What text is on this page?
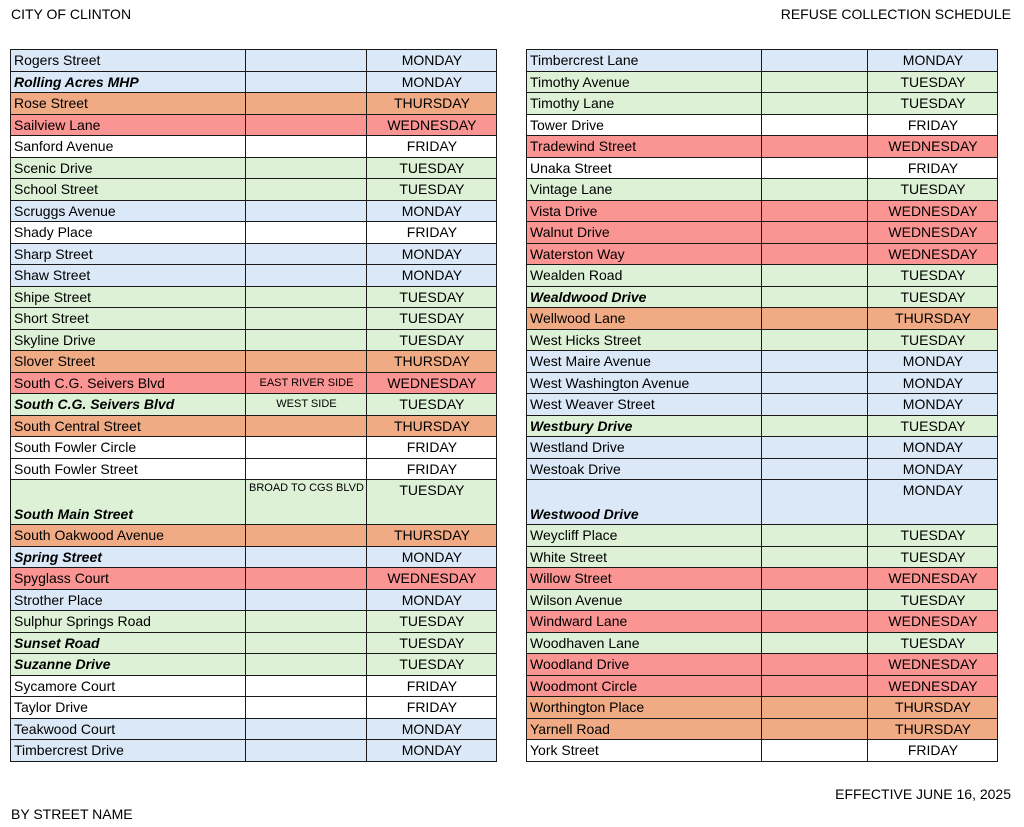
CITY OF CLINTON	REFUSE COLLECTION SCHEDULE
Rogers Street		MONDAY
Rolling Acres MHP		MONDAY
Rose Street		THURSDAY
Sailview Lane		WEDNESDAY
Sanford Avenue		FRIDAY
Scenic Drive		TUESDAY
School Street		TUESDAY
Scruggs Avenue		MONDAY
Shady Place		FRIDAY
Sharp Street		MONDAY
Shaw Street		MONDAY
Shipe Street		TUESDAY
Short Street		TUESDAY
Skyline Drive		TUESDAY
Slover Street		THURSDAY
South C.G. Seivers Blvd	EAST RIVER SIDE	WEDNESDAY
South C.G. Seivers Blvd	WEST SIDE	TUESDAY
South Central Street		THURSDAY
South Fowler Circle		FRIDAY
South Fowler Street		FRIDAY
South Main Street	BROAD TO CGS BLVD	TUESDAY
South Oakwood Avenue		THURSDAY
Spring Street		MONDAY
Spyglass Court		WEDNESDAY
Strother Place		MONDAY
Sulphur Springs Road		TUESDAY
Sunset Road		TUESDAY
Suzanne Drive		TUESDAY
Sycamore Court		FRIDAY
Taylor Drive		FRIDAY
Teakwood Court		MONDAY
Timbercrest Drive		MONDAY
Timbercrest Lane		MONDAY
Timothy Avenue		TUESDAY
Timothy Lane		TUESDAY
Tower Drive		FRIDAY
Tradewind Street		WEDNESDAY
Unaka Street		FRIDAY
Vintage Lane		TUESDAY
Vista Drive		WEDNESDAY
Walnut Drive		WEDNESDAY
Waterston Way		WEDNESDAY
Wealden Road		TUESDAY
Wealdwood Drive		TUESDAY
Wellwood Lane		THURSDAY
West Hicks Street		TUESDAY
West Maire Avenue		MONDAY
West Washington Avenue		MONDAY
West Weaver Street		MONDAY
Westbury Drive		TUESDAY
Westland Drive		MONDAY
Westoak Drive		MONDAY
Westwood Drive		MONDAY
Weycliff Place		TUESDAY
White Street		TUESDAY
Willow Street		WEDNESDAY
Wilson Avenue		TUESDAY
Windward Lane		WEDNESDAY
Woodhaven Lane		TUESDAY
Woodland Drive		WEDNESDAY
Woodmont Circle		WEDNESDAY
Worthington Place		THURSDAY
Yarnell Road		THURSDAY
York Street		FRIDAY
EFFECTIVE JUNE 16, 2025
BY STREET NAME
